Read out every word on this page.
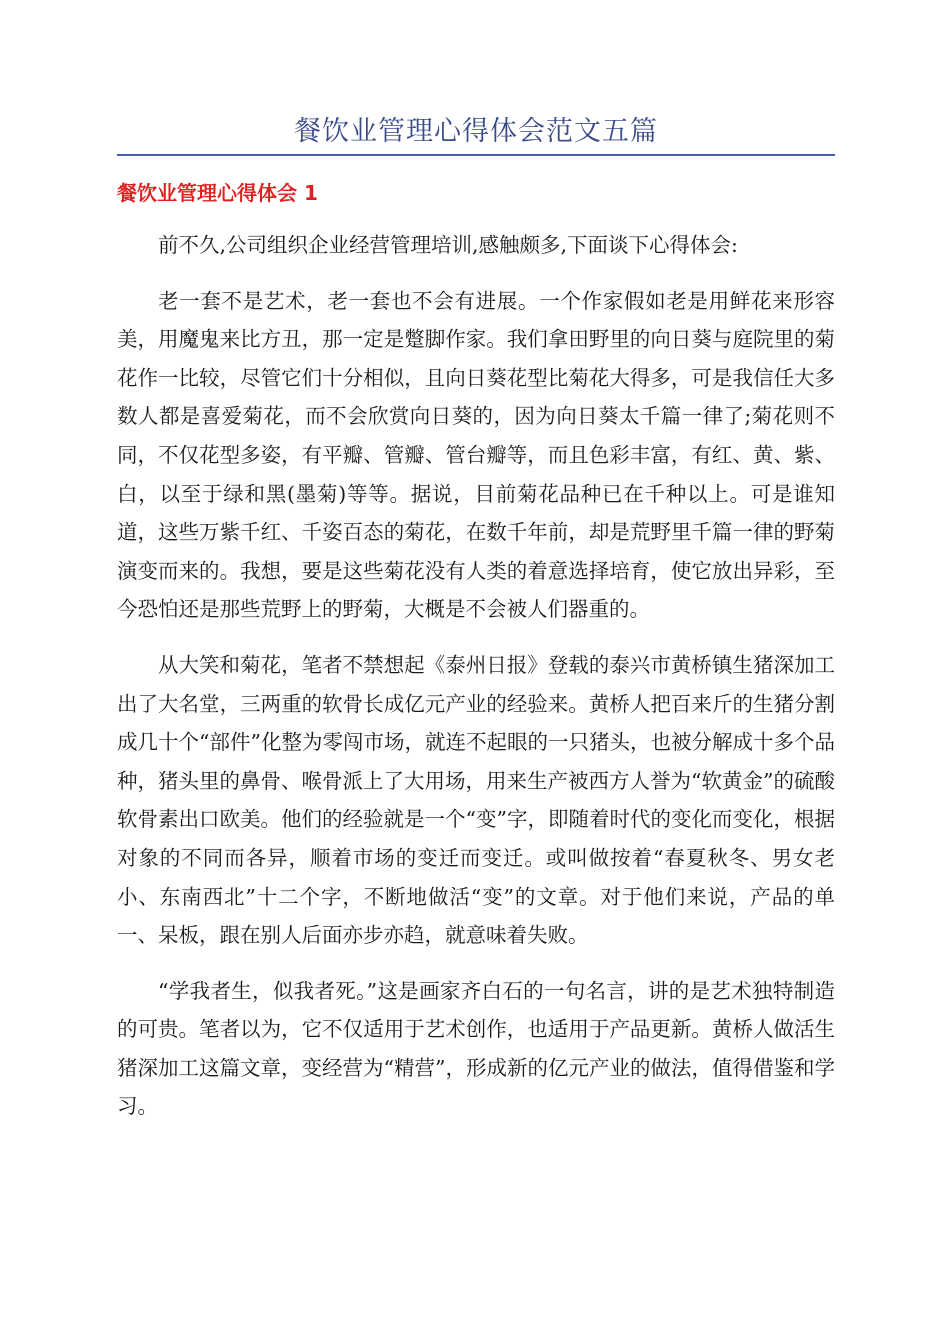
餐饮业管理心得体会范文五篇
餐饮业管理心得体会 1

前不久,公司组织企业经营管理培训,感触颇多,下面谈下心得体会:

老一套不是艺术，老一套也不会有进展。一个作家假如老是用鲜花来形容美，用魔鬼来比方丑，那一定是蹩脚作家。我们拿田野里的向日葵与庭院里的菊花作一比较，尽管它们十分相似，且向日葵花型比菊花大得多，可是我信任大多数人都是喜爱菊花，而不会欣赏向日葵的，因为向日葵太千篇一律了;菊花则不同，不仅花型多姿，有平瓣、管瓣、管台瓣等，而且色彩丰富，有红、黄、紫、白，以至于绿和黑(墨菊)等等。据说，目前菊花品种已在千种以上。可是谁知道，这些万紫千红、千姿百态的菊花，在数千年前，却是荒野里千篇一律的野菊演变而来的。我想，要是这些菊花没有人类的着意选择培育，使它放出异彩，至今恐怕还是那些荒野上的野菊，大概是不会被人们器重的。

从大笑和菊花，笔者不禁想起《泰州日报》登载的泰兴市黄桥镇生猪深加工出了大名堂，三两重的软骨长成亿元产业的经验来。黄桥人把百来斤的生猪分割成几十个“部件”化整为零闯市场，就连不起眼的一只猪头，也被分解成十多个品种，猪头里的鼻骨、喉骨派上了大用场，用来生产被西方人誉为“软黄金”的硫酸软骨素出口欧美。他们的经验就是一个“变”字，即随着时代的变化而变化，根据对象的不同而各异，顺着市场的变迁而变迁。或叫做按着“春夏秋冬、男女老小、东南西北”十二个字，不断地做活“变”的文章。对于他们来说，产品的单一、呆板，跟在别人后面亦步亦趋，就意味着失败。

“学我者生，似我者死。”这是画家齐白石的一句名言，讲的是艺术独特制造的可贵。笔者以为，它不仅适用于艺术创作，也适用于产品更新。黄桥人做活生猪深加工这篇文章，变经营为“精营”，形成新的亿元产业的做法，值得借鉴和学习。
